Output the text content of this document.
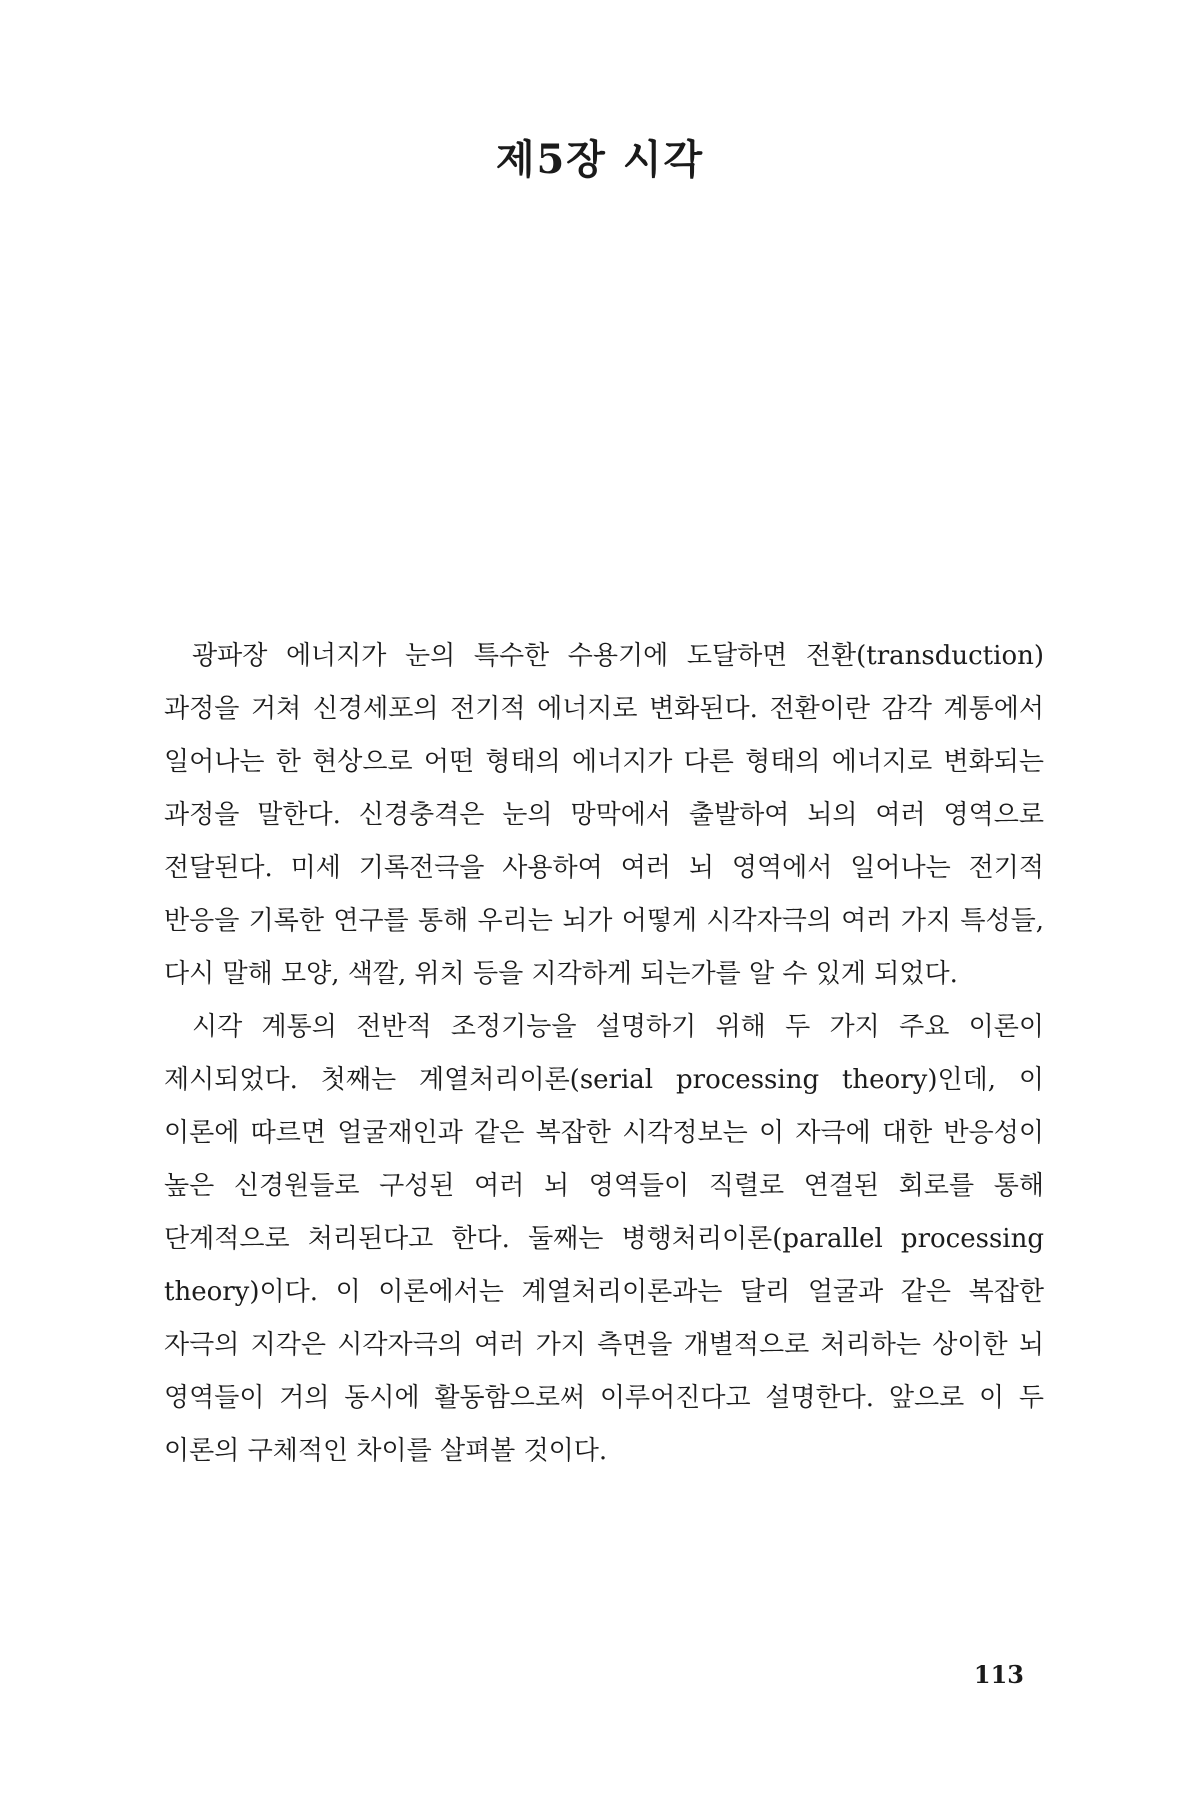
제5장 시각

광파장 에너지가 눈의 특수한 수용기에 도달하면 전환(transduction) 과정을 거쳐 신경세포의 전기적 에너지로 변화된다. 전환이란 감각 계통에서 일어나는 한 현상으로 어떤 형태의 에너지가 다른 형태의 에너지로 변화되는 과정을 말한다. 신경충격은 눈의 망막에서 출발하여 뇌의 여러 영역으로 전달된다. 미세 기록전극을 사용하여 여러 뇌 영역에서 일어나는 전기적 반응을 기록한 연구를 통해 우리는 뇌가 어떻게 시각자극의 여러 가지 특성들, 다시 말해 모양, 색깔, 위치 등을 지각하게 되는가를 알 수 있게 되었다.

시각 계통의 전반적 조정기능을 설명하기 위해 두 가지 주요 이론이 제시되었다. 첫째는 계열처리이론(serial processing theory)인데, 이 이론에 따르면 얼굴재인과 같은 복잡한 시각정보는 이 자극에 대한 반응성이 높은 신경원들로 구성된 여러 뇌 영역들이 직렬로 연결된 회로를 통해 단계적으로 처리된다고 한다. 둘째는 병행처리이론(parallel processing theory)이다. 이 이론에서는 계열처리이론과는 달리 얼굴과 같은 복잡한 자극의 지각은 시각자극의 여러 가지 측면을 개별적으로 처리하는 상이한 뇌 영역들이 거의 동시에 활동함으로써 이루어진다고 설명한다. 앞으로 이 두 이론의 구체적인 차이를 살펴볼 것이다.

113
